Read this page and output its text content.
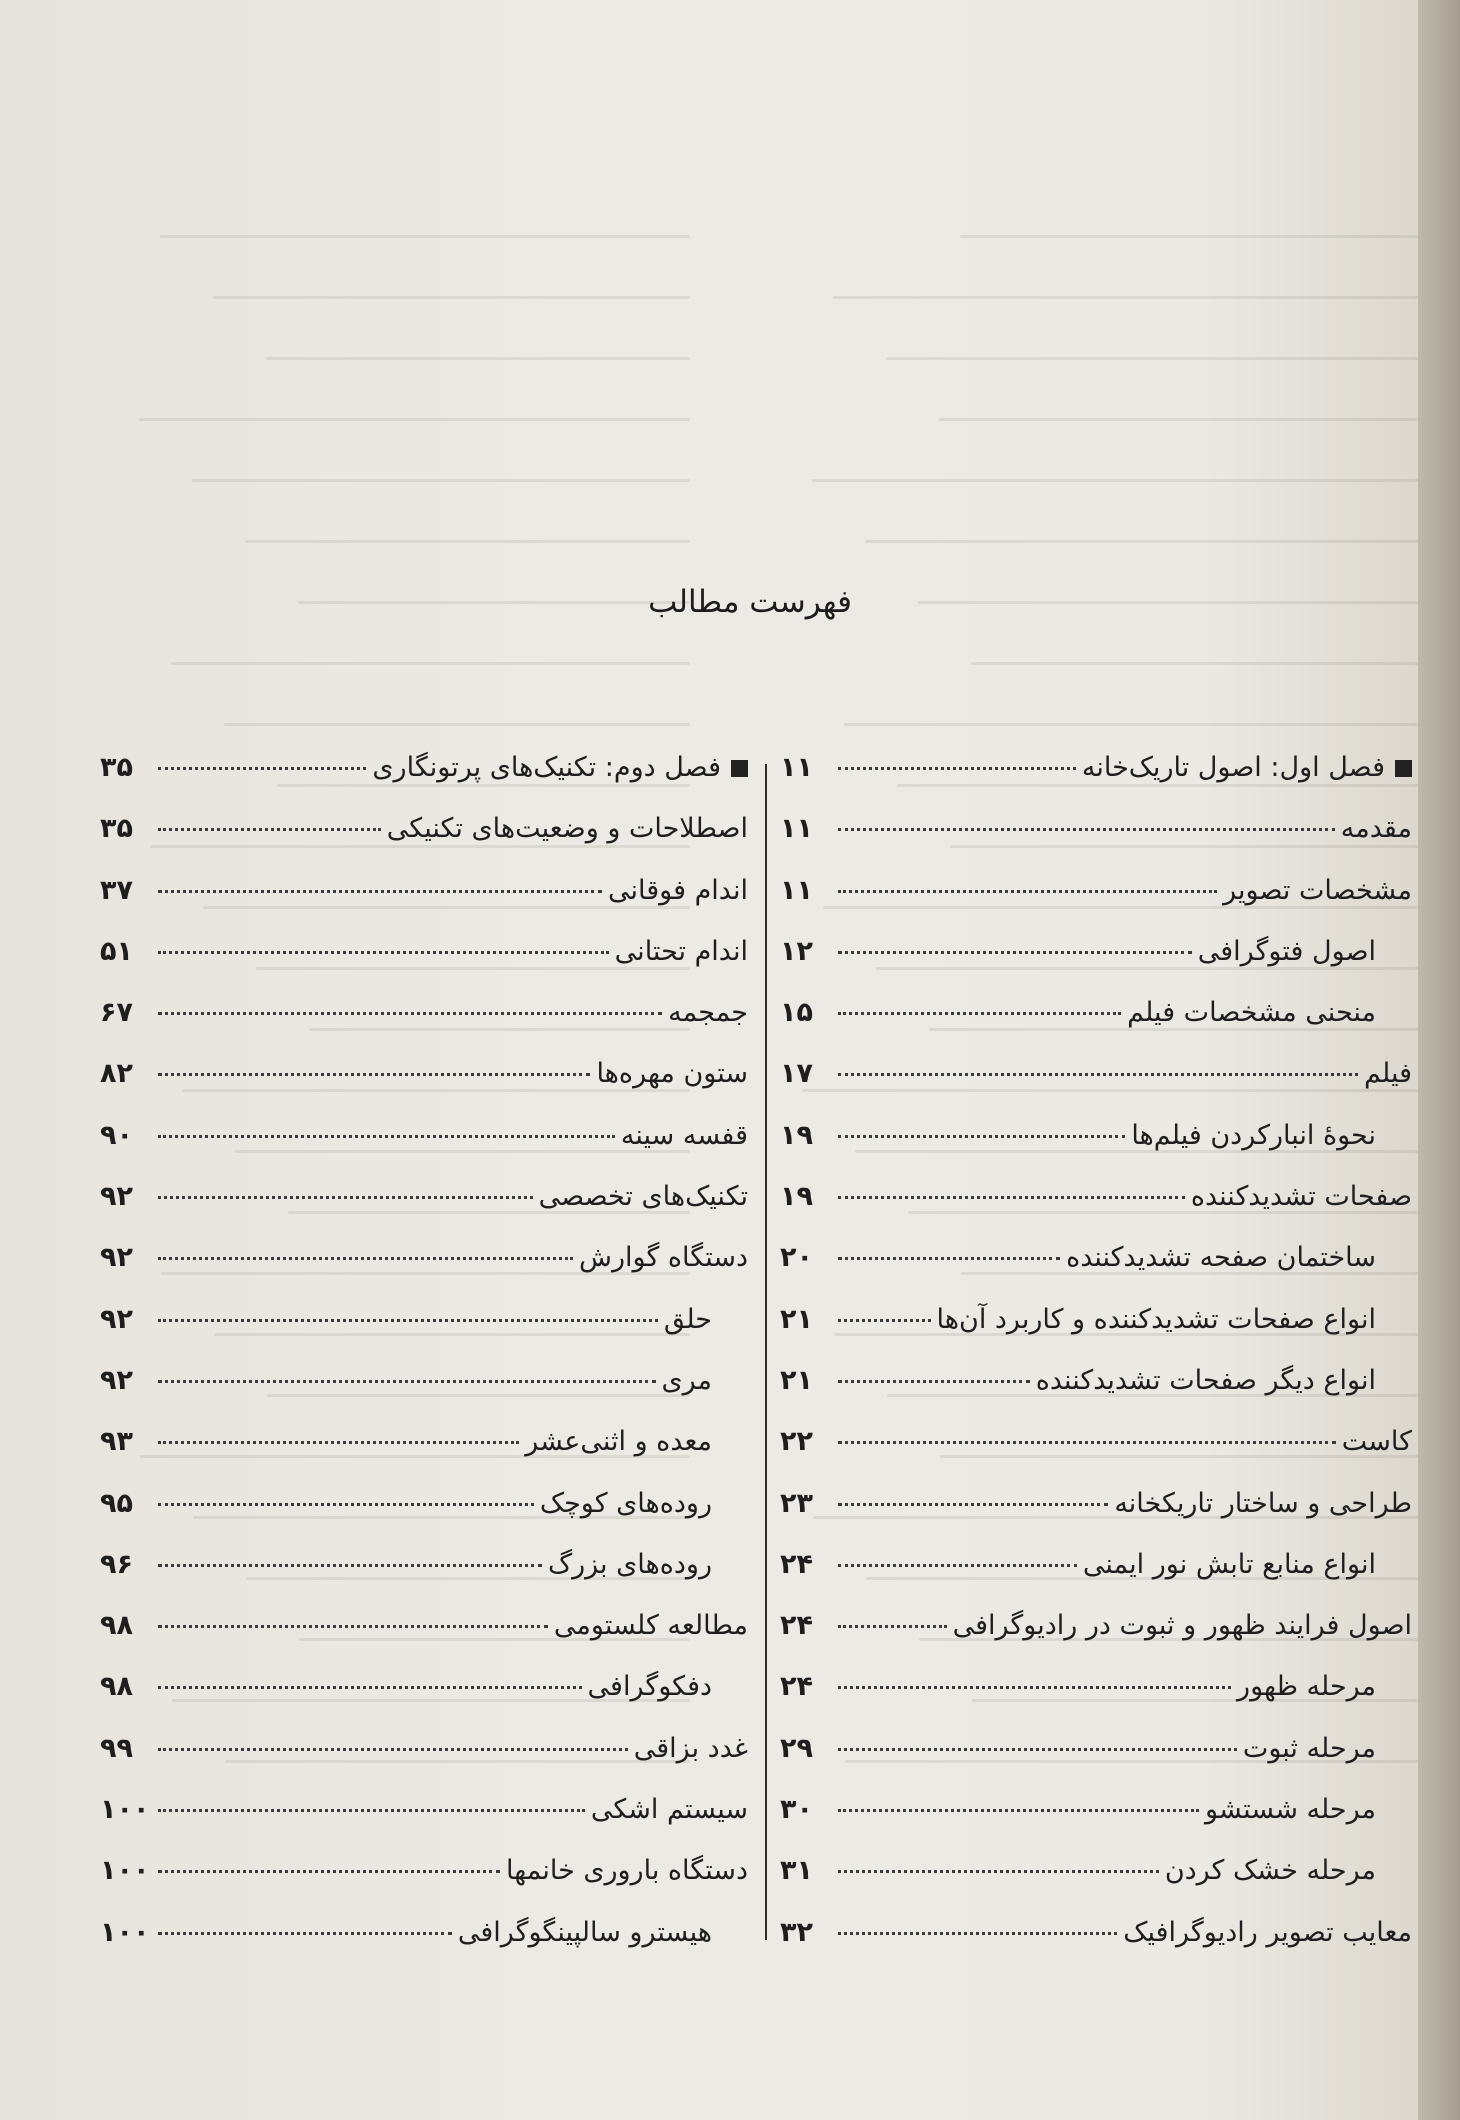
فهرست مطالب
فصل اول: اصول تاریک‌خانه
۱۱
مقدمه
۱۱
مشخصات تصویر
۱۱
اصول فتوگرافی
۱۲
منحنی مشخصات فیلم
۱۵
فیلم
۱۷
نحوهٔ انبارکردن فیلم‌ها
۱۹
صفحات تشدیدکننده
۱۹
ساختمان صفحه تشدیدکننده
۲۰
انواع صفحات تشدیدکننده و کاربرد آن‌ها
۲۱
انواع دیگر صفحات تشدیدکننده
۲۱
کاست
۲۲
طراحی و ساختار تاریکخانه
۲۳
انواع منابع تابش نور ایمنی
۲۴
اصول فرایند ظهور و ثبوت در رادیوگرافی
۲۴
مرحله ظهور
۲۴
مرحله ثبوت
۲۹
مرحله شستشو
۳۰
مرحله خشک کردن
۳۱
معایب تصویر رادیوگرافیک
۳۲
فصل دوم: تکنیک‌های پرتونگاری
۳۵
اصطلاحات و وضعیت‌های تکنیکی
۳۵
اندام فوقانی
۳۷
اندام تحتانی
۵۱
جمجمه
۶۷
ستون مهره‌ها
۸۲
قفسه سینه
۹۰
تکنیک‌های تخصصی
۹۲
دستگاه گوارش
۹۲
حلق
۹۲
مری
۹۲
معده و اثنی‌عشر
۹۳
روده‌های کوچک
۹۵
روده‌های بزرگ
۹۶
مطالعه کلستومی
۹۸
دفکوگرافی
۹۸
غدد بزاقی
۹۹
سیستم اشکی
۱۰۰
دستگاه باروری خانمها
۱۰۰
هیسترو سالپینگوگرافی
۱۰۰
